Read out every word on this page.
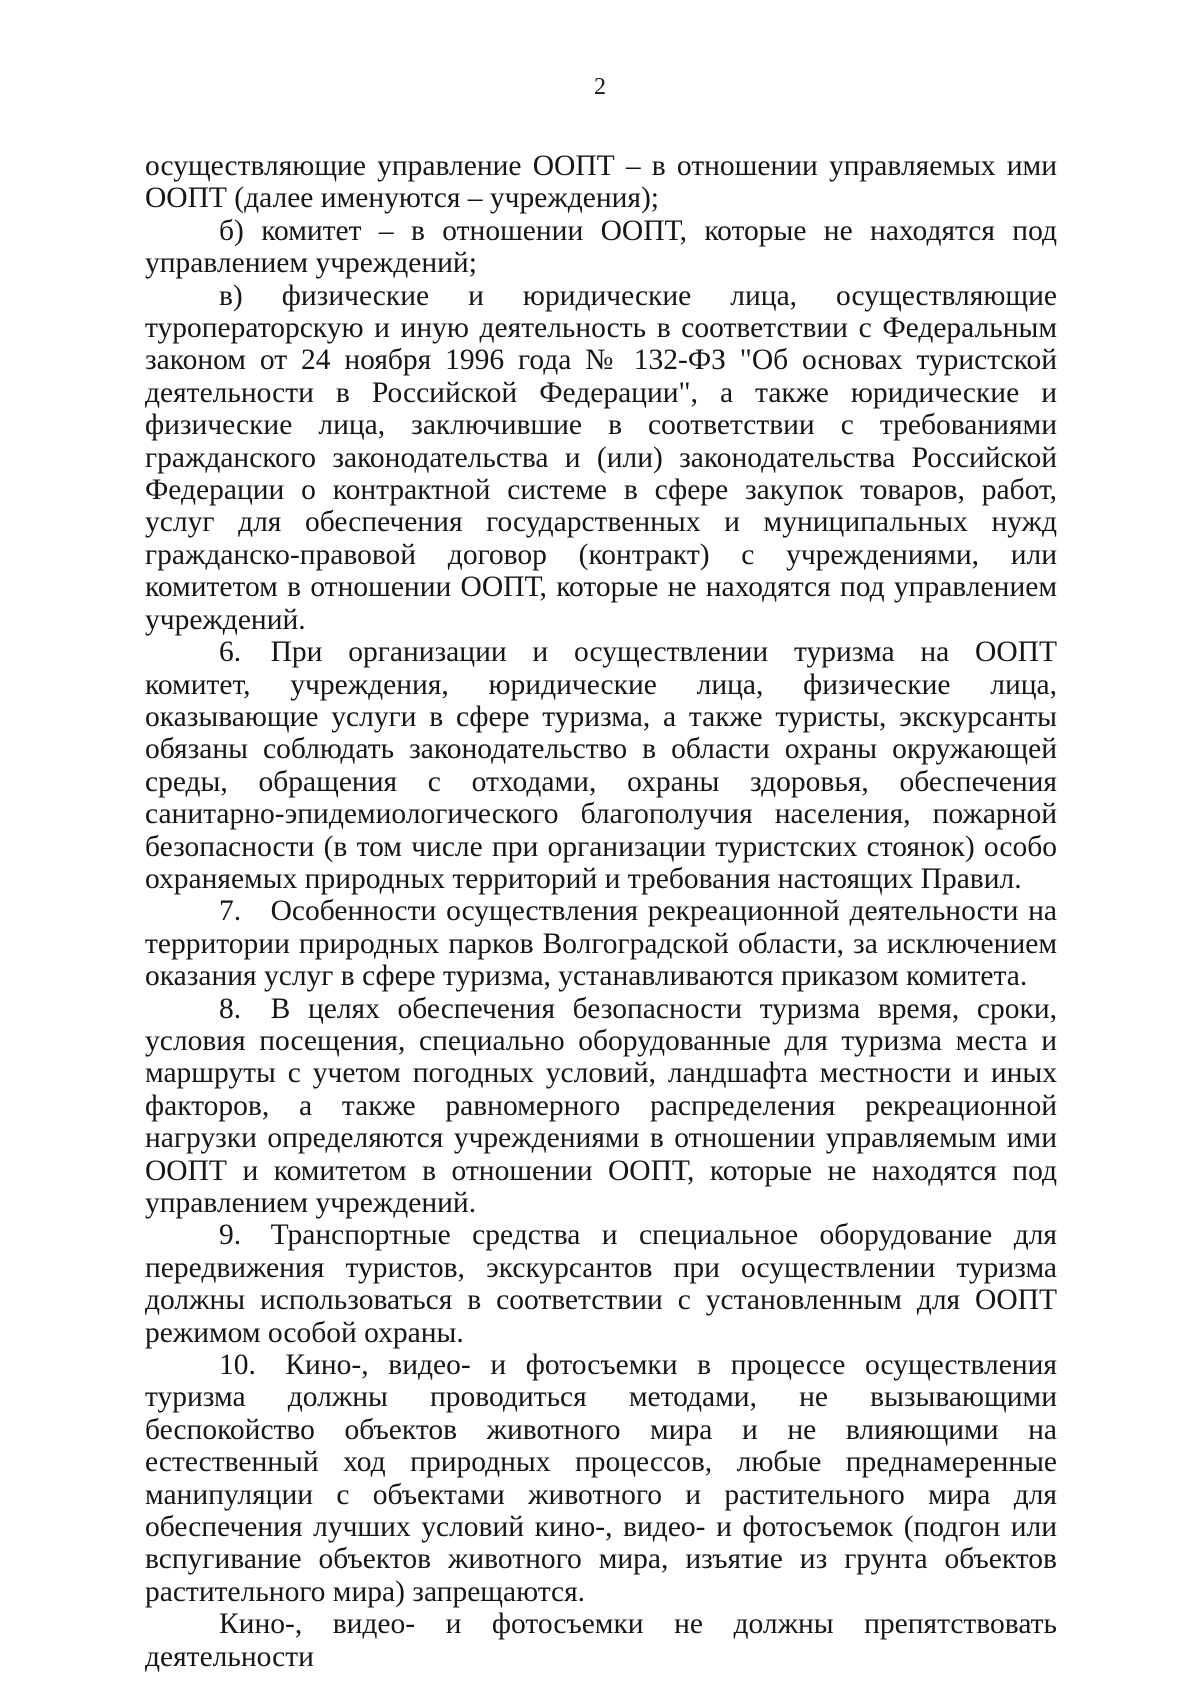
2

осуществляющие управление ООПТ – в отношении управляемых ими ООПТ (далее именуются – учреждения);

б) комитет – в отношении ООПТ, которые не находятся под управлением учреждений;

в) физические и юридические лица, осуществляющие туроператорскую и иную деятельность в соответствии с Федеральным законом от 24 ноября 1996 года № 132-ФЗ "Об основах туристской деятельности в Российской Федерации", а также юридические и физические лица, заключившие в соответствии с требованиями гражданского законодательства и (или) законодательства Российской Федерации о контрактной системе в сфере закупок товаров, работ, услуг для обеспечения государственных и муниципальных нужд гражданско-правовой договор (контракт) с учреждениями, или комитетом в отношении ООПТ, которые не находятся под управлением учреждений.

6. При организации и осуществлении туризма на ООПТ комитет, учреждения, юридические лица, физические лица, оказывающие услуги в сфере туризма, а также туристы, экскурсанты обязаны соблюдать законодательство в области охраны окружающей среды, обращения с отходами, охраны здоровья, обеспечения санитарно-эпидемиологического благополучия населения, пожарной безопасности (в том числе при организации туристских стоянок) особо охраняемых природных территорий и требования настоящих Правил.

7. Особенности осуществления рекреационной деятельности на территории природных парков Волгоградской области, за исключением оказания услуг в сфере туризма, устанавливаются приказом комитета.

8. В целях обеспечения безопасности туризма время, сроки, условия посещения, специально оборудованные для туризма места и маршруты с учетом погодных условий, ландшафта местности и иных факторов, а также равномерного распределения рекреационной нагрузки определяются учреждениями в отношении управляемым ими ООПТ и комитетом в отношении ООПТ, которые не находятся под управлением учреждений.

9. Транспортные средства и специальное оборудование для передвижения туристов, экскурсантов при осуществлении туризма должны использоваться в соответствии с установленным для ООПТ режимом особой охраны.

10. Кино-, видео- и фотосъемки в процессе осуществления туризма должны проводиться методами, не вызывающими беспокойство объектов животного мира и не влияющими на естественный ход природных процессов, любые преднамеренные манипуляции с объектами животного и растительного мира для обеспечения лучших условий кино-, видео- и фотосъемок (подгон или вспугивание объектов животного мира, изъятие из грунта объектов растительного мира) запрещаются.

Кино-, видео- и фотосъемки не должны препятствовать деятельности
